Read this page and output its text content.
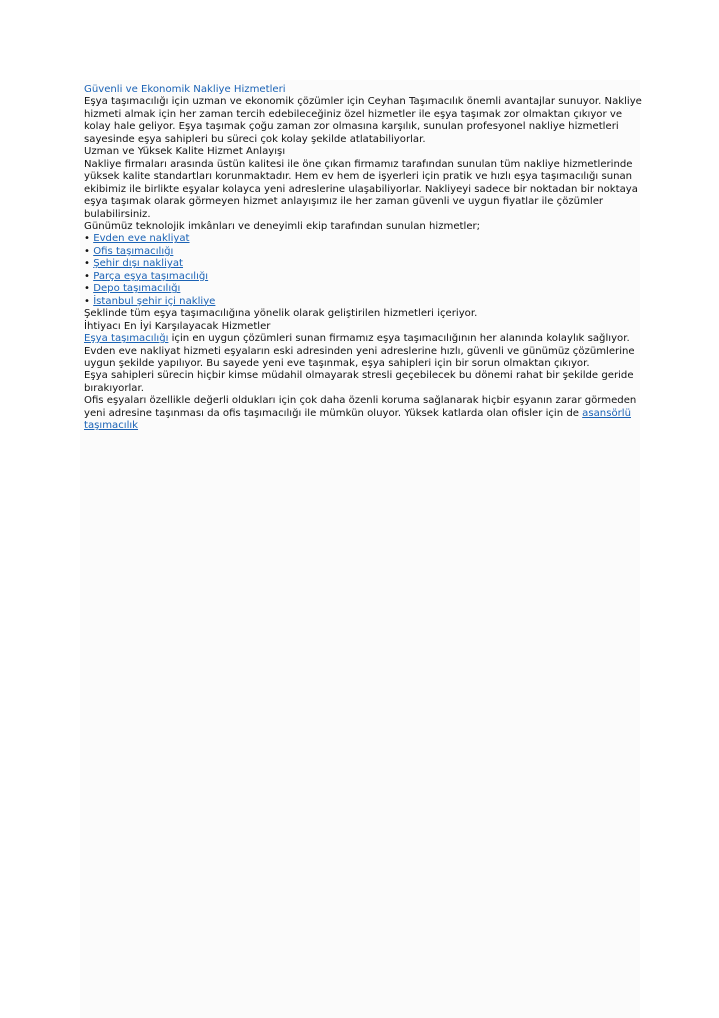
Güvenli ve Ekonomik Nakliye Hizmetleri

Eşya taşımacılığı için uzman ve ekonomik çözümler için Ceyhan Taşımacılık önemli avantajlar sunuyor. Nakliye hizmeti almak için her zaman tercih edebileceğiniz özel hizmetler ile eşya taşımak zor olmaktan çıkıyor ve kolay hale geliyor. Eşya taşımak çoğu zaman zor olmasına karşılık, sunulan profesyonel nakliye hizmetleri sayesinde eşya sahipleri bu süreci çok kolay şekilde atlatabiliyorlar.

Uzman ve Yüksek Kalite Hizmet Anlayışı

Nakliye firmaları arasında üstün kalitesi ile öne çıkan firmamız tarafından sunulan tüm nakliye hizmetlerinde yüksek kalite standartları korunmaktadır. Hem ev hem de işyerleri için pratik ve hızlı eşya taşımacılığı sunan ekibimiz ile birlikte eşyalar kolayca yeni adreslerine ulaşabiliyorlar. Nakliyeyi sadece bir noktadan bir noktaya eşya taşımak olarak görmeyen hizmet anlayışımız ile her zaman güvenli ve uygun fiyatlar ile çözümler bulabilirsiniz.

Günümüz teknolojik imkânları ve deneyimli ekip tarafından sunulan hizmetler;

• Evden eve nakliyat

• Ofis taşımacılığı

• Şehir dışı nakliyat

• Parça eşya taşımacılığı

• Depo taşımacılığı

• İstanbul şehir içi nakliye

Şeklinde tüm eşya taşımacılığına yönelik olarak geliştirilen hizmetleri içeriyor.

İhtiyacı En İyi Karşılayacak Hizmetler

Eşya taşımacılığı için en uygun çözümleri sunan firmamız eşya taşımacılığının her alanında kolaylık sağlıyor. Evden eve nakliyat hizmeti eşyaların eski adresinden yeni adreslerine hızlı, güvenli ve günümüz çözümlerine uygun şekilde yapılıyor. Bu sayede yeni eve taşınmak, eşya sahipleri için bir sorun olmaktan çıkıyor.

Eşya sahipleri sürecin hiçbir kimse müdahil olmayarak stresli geçebilecek bu dönemi rahat bir şekilde geride bırakıyorlar.

Ofis eşyaları özellikle değerli oldukları için çok daha özenli koruma sağlanarak hiçbir eşyanın zarar görmeden yeni adresine taşınması da ofis taşımacılığı ile mümkün oluyor. Yüksek katlarda olan ofisler için de asansörlü taşımacılık
